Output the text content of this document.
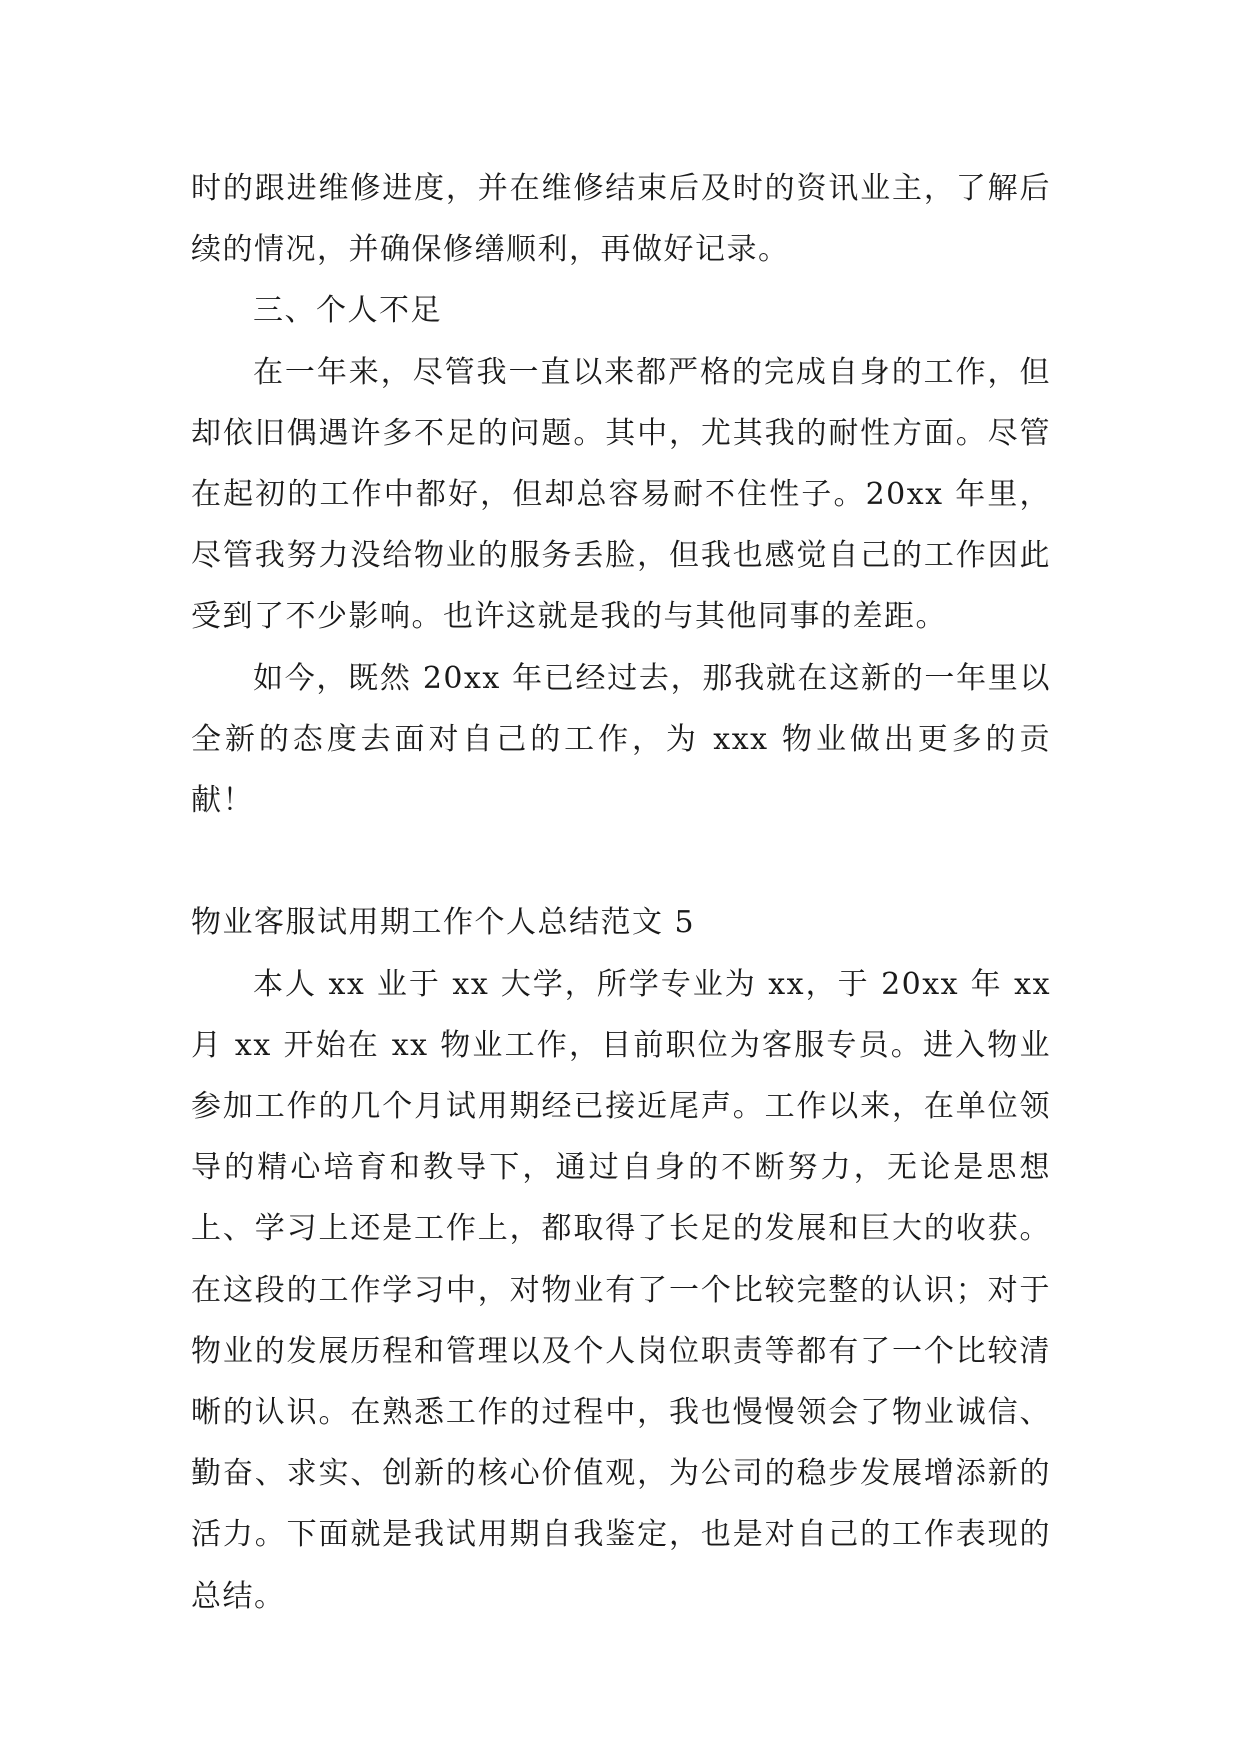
时的跟进维修进度，并在维修结束后及时的资讯业主，了解后续的情况，并确保修缮顺利，再做好记录。

三、个人不足

在一年来，尽管我一直以来都严格的完成自身的工作，但却依旧偶遇许多不足的问题。其中，尤其我的耐性方面。尽管在起初的工作中都好，但却总容易耐不住性子。20xx 年里，尽管我努力没给物业的服务丢脸，但我也感觉自己的工作因此受到了不少影响。也许这就是我的与其他同事的差距。

如今，既然 20xx 年已经过去，那我就在这新的一年里以全新的态度去面对自己的工作，为 xxx 物业做出更多的贡献！

物业客服试用期工作个人总结范文 5

本人 xx 业于 xx 大学，所学专业为 xx，于 20xx 年 xx 月 xx 开始在 xx 物业工作，目前职位为客服专员。进入物业参加工作的几个月试用期经已接近尾声。工作以来，在单位领导的精心培育和教导下，通过自身的不断努力，无论是思想上、学习上还是工作上，都取得了长足的发展和巨大的收获。在这段的工作学习中，对物业有了一个比较完整的认识；对于物业的发展历程和管理以及个人岗位职责等都有了一个比较清晰的认识。在熟悉工作的过程中，我也慢慢领会了物业诚信、勤奋、求实、创新的核心价值观，为公司的稳步发展增添新的活力。下面就是我试用期自我鉴定，也是对自己的工作表现的总结。
